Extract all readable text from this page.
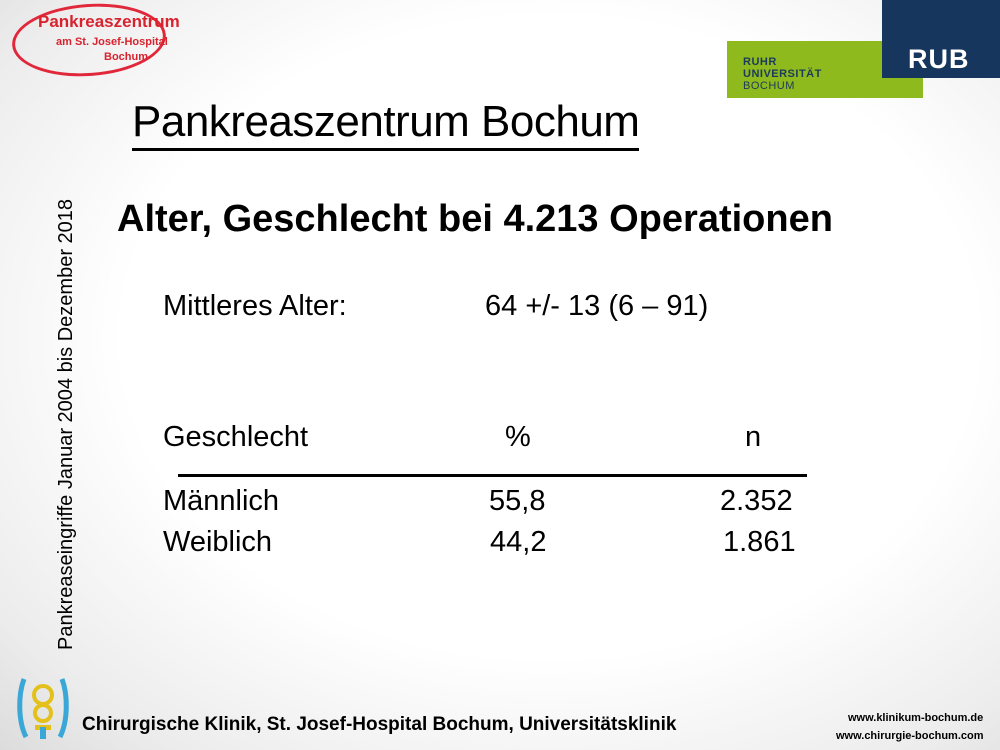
Pankreaszentrum
am St. Josef-Hospital
Bochum	RUHR
UNIVERSITÄT
BOCHUM
RUB
Pankreaszentrum Bochum
Alter, Geschlecht bei 4.213 Operationen
Mittleres Alter:	64 +/- 13 (6 – 91)
Geschlecht	%	n
Männlich	55,8	2.352
Weiblich	44,2	1.861
Pankreaseingriffe Januar 2004 bis Dezember 2018
Chirurgische Klinik, St. Josef-Hospital Bochum, Universitätsklinik	www.klinikum-bochum.de
www.chirurgie-bochum.com
